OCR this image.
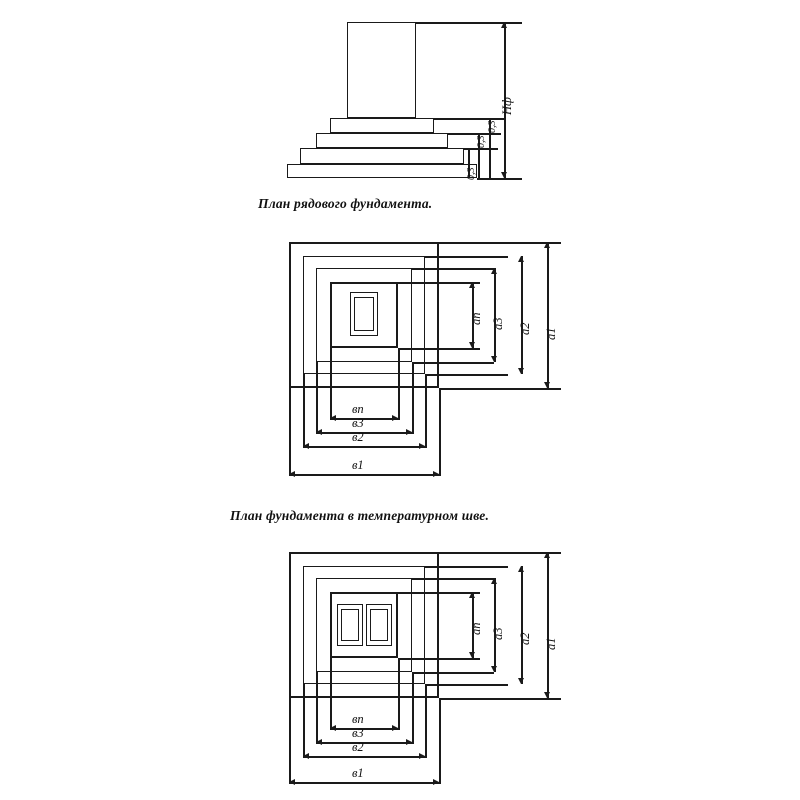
Hф
0,3
0,3
0,3
План рядового фундамента.
ап а3 а2 а1
вп
в3
в2
в1
План фундамента в температурном шве.
ап а3 а2 а1
вп
в3
в2
в1
